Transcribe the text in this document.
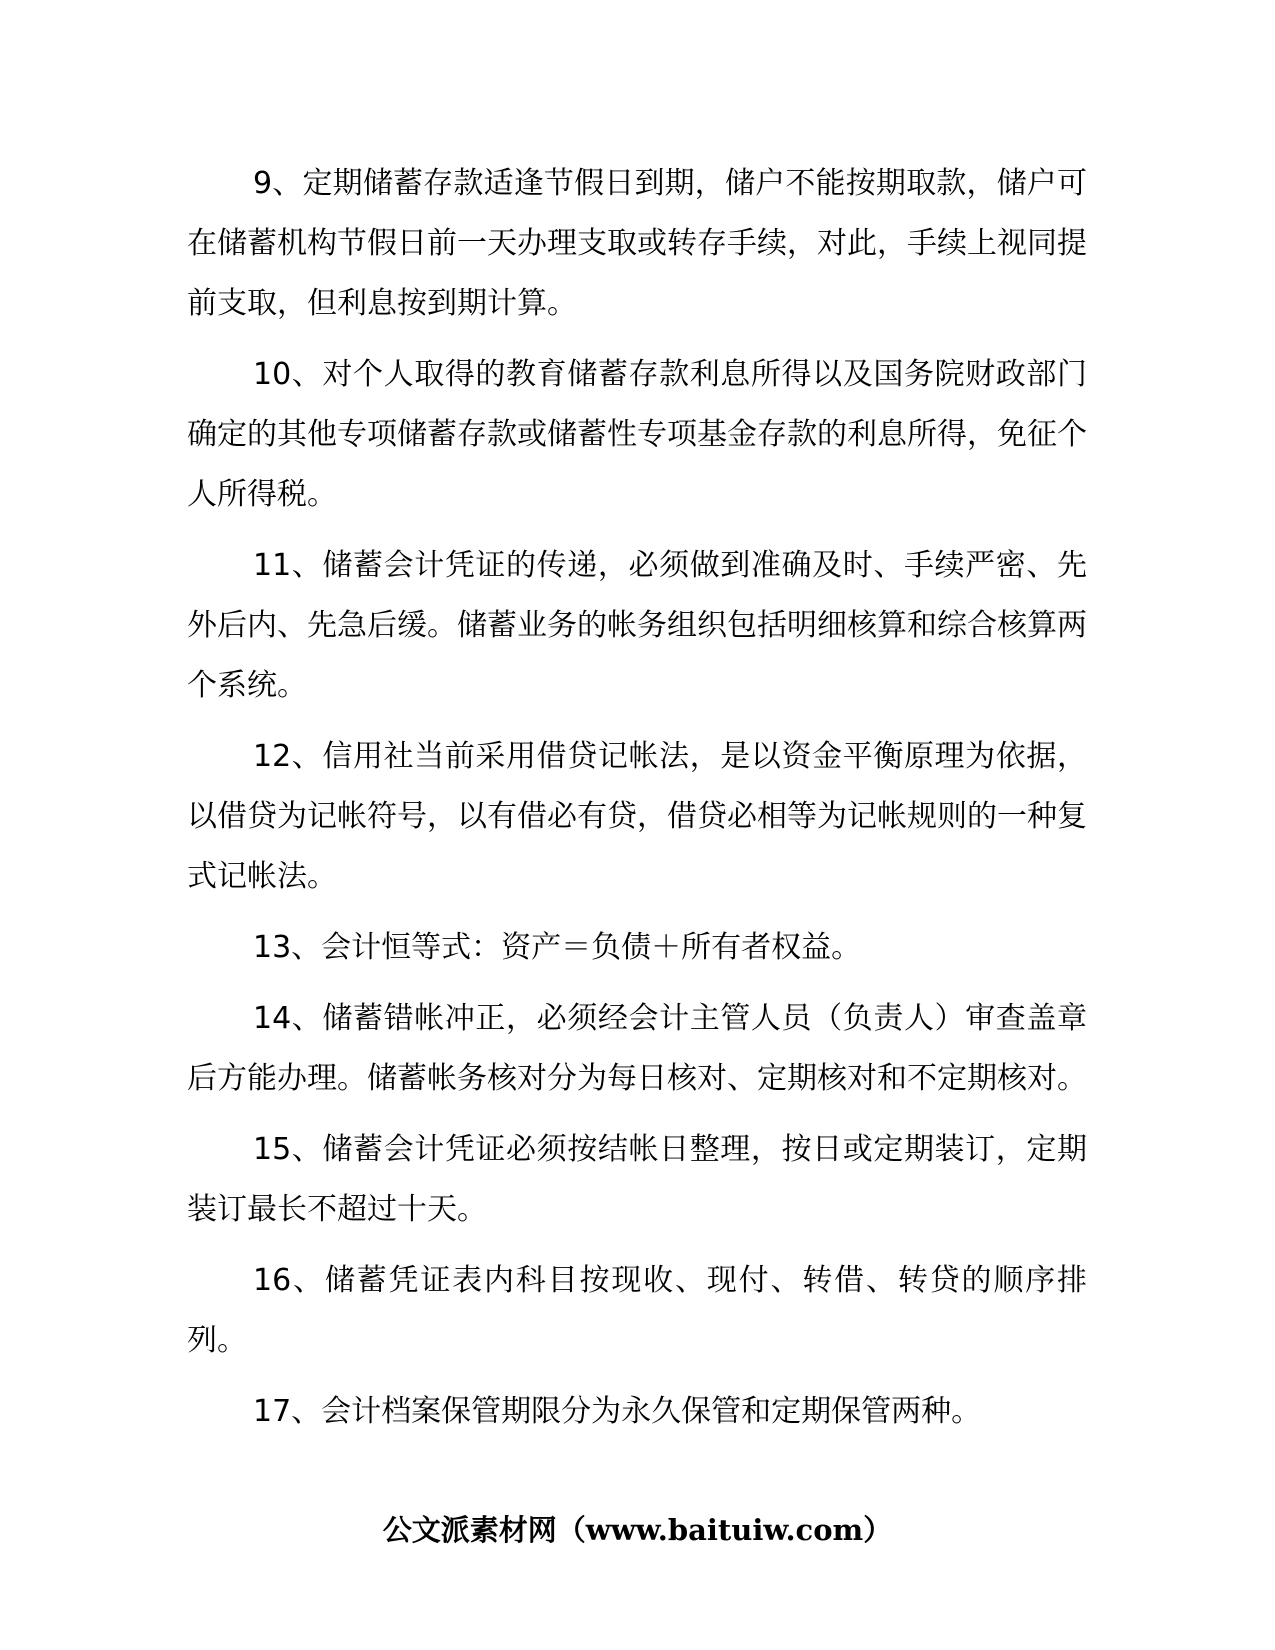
9、定期储蓄存款适逢节假日到期，储户不能按期取款，储户可在储蓄机构节假日前一天办理支取或转存手续，对此，手续上视同提前支取，但利息按到期计算。

10、对个人取得的教育储蓄存款利息所得以及国务院财政部门确定的其他专项储蓄存款或储蓄性专项基金存款的利息所得，免征个人所得税。

11、储蓄会计凭证的传递，必须做到准确及时、手续严密、先外后内、先急后缓。储蓄业务的帐务组织包括明细核算和综合核算两个系统。

12、信用社当前采用借贷记帐法，是以资金平衡原理为依据，以借贷为记帐符号，以有借必有贷，借贷必相等为记帐规则的一种复式记帐法。

13、会计恒等式：资产＝负债＋所有者权益。

14、储蓄错帐冲正，必须经会计主管人员（负责人）审查盖章后方能办理。储蓄帐务核对分为每日核对、定期核对和不定期核对。

15、储蓄会计凭证必须按结帐日整理，按日或定期装订，定期装订最长不超过十天。

16、储蓄凭证表内科目按现收、现付、转借、转贷的顺序排列。

17、会计档案保管期限分为永久保管和定期保管两种。

公文派素材网（www.baituiw.com）
